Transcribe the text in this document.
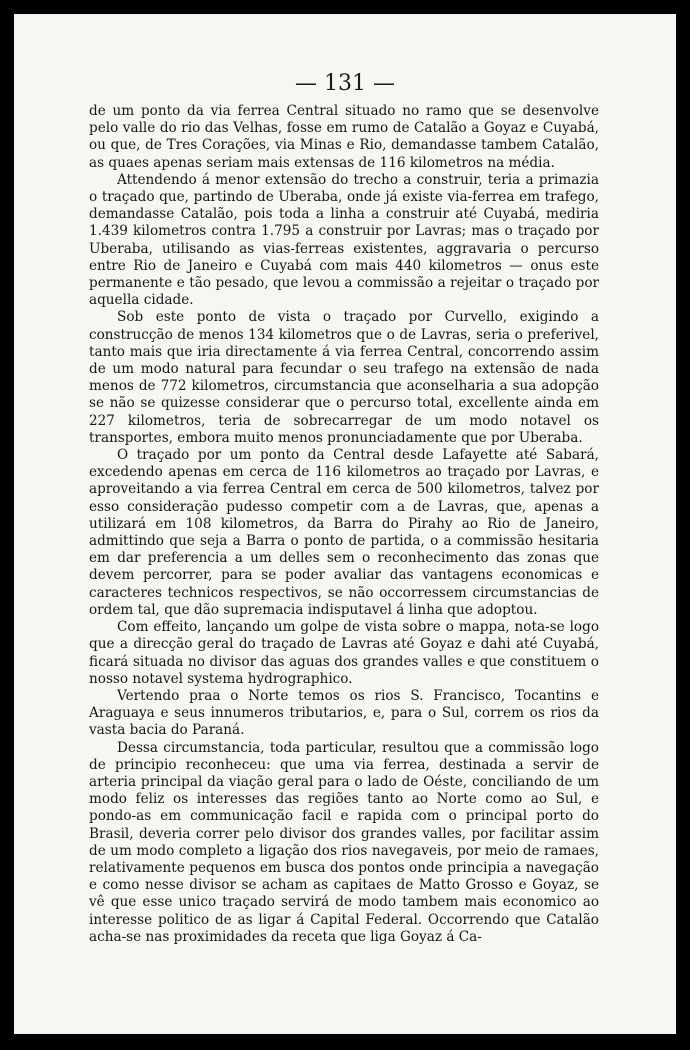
— 131 —

de um ponto da via ferrea Central situado no ramo que se desenvolve pelo valle do rio das Velhas, fosse em rumo de Catalão a Goyaz e Cuyabá, ou que, de Tres Corações, via Minas e Rio, demandasse tambem Catalão, as quaes apenas seriam mais extensas de 116 kilometros na média.

Attendendo á menor extensão do trecho a construir, teria a primazia o traçado que, partindo de Uberaba, onde já existe via-ferrea em trafego, demandasse Catalão, pois toda a linha a construir até Cuyabá, mediria 1.439 kilometros contra 1.795 a construir por Lavras; mas o traçado por Uberaba, utilisando as vias-ferreas existentes, aggravaria o percurso entre Rio de Janeiro e Cuyabá com mais 440 kilometros — onus este permanente e tão pesado, que levou a commissão a rejeitar o traçado por aquella cidade.

Sob este ponto de vista o traçado por Curvello, exigindo a construcção de menos 134 kilometros que o de Lavras, seria o preferivel, tanto mais que iria directamente á via ferrea Central, concorrendo assim de um modo natural para fecundar o seu trafego na extensão de nada menos de 772 kilometros, circumstancia que aconselharia a sua adopção se não se quizesse considerar que o percurso total, excellente ainda em 227 kilometros, teria de sobrecarregar de um modo notavel os transportes, embora muito menos pronunciadamente que por Uberaba.

O traçado por um ponto da Central desde Lafayette até Sabará, excedendo apenas em cerca de 116 kilometros ao traçado por Lavras, e aproveitando a via ferrea Central em cerca de 500 kilometros, talvez por esso consideração pudesso competir com a de Lavras, que, apenas a utilizará em 108 kilometros, da Barra do Pirahy ao Rio de Janeiro, admittindo que seja a Barra o ponto de partida, o a commissão hesitaria em dar preferencia a um delles sem o reconhecimento das zonas que devem percorrer, para se poder avaliar das vantagens economicas e caracteres technicos respectivos, se não occorressem circumstancias de ordem tal, que dão supremacia indisputavel á linha que adoptou.

Com effeito, lançando um golpe de vista sobre o mappa, nota-se logo que a direcção geral do traçado de Lavras até Goyaz e dahi até Cuyabá, ficará situada no divisor das aguas dos grandes valles e que constituem o nosso notavel systema hydrographico.

Vertendo praa o Norte temos os rios S. Francisco, Tocantins e Araguaya e seus innumeros tributarios, e, para o Sul, correm os rios da vasta bacia do Paraná.

Dessa circumstancia, toda particular, resultou que a commissão logo de principio reconheceu: que uma via ferrea, destinada a servir de arteria principal da viação geral para o lado de Oéste, conciliando de um modo feliz os interesses das regiões tanto ao Norte como ao Sul, e pondo-as em communicação facil e rapida com o principal porto do Brasil, deveria correr pelo divisor dos grandes valles, por facilitar assim de um modo completo a ligação dos rios navegaveis, por meio de ramaes, relativamente pequenos em busca dos pontos onde principia a navegação e como nesse divisor se acham as capitaes de Matto Grosso e Goyaz, se vê que esse unico traçado servirá de modo tambem mais economico ao interesse politico de as ligar á Capital Federal. Occorrendo que Catalão acha-se nas proximidades da receta que liga Goyaz á Ca-
